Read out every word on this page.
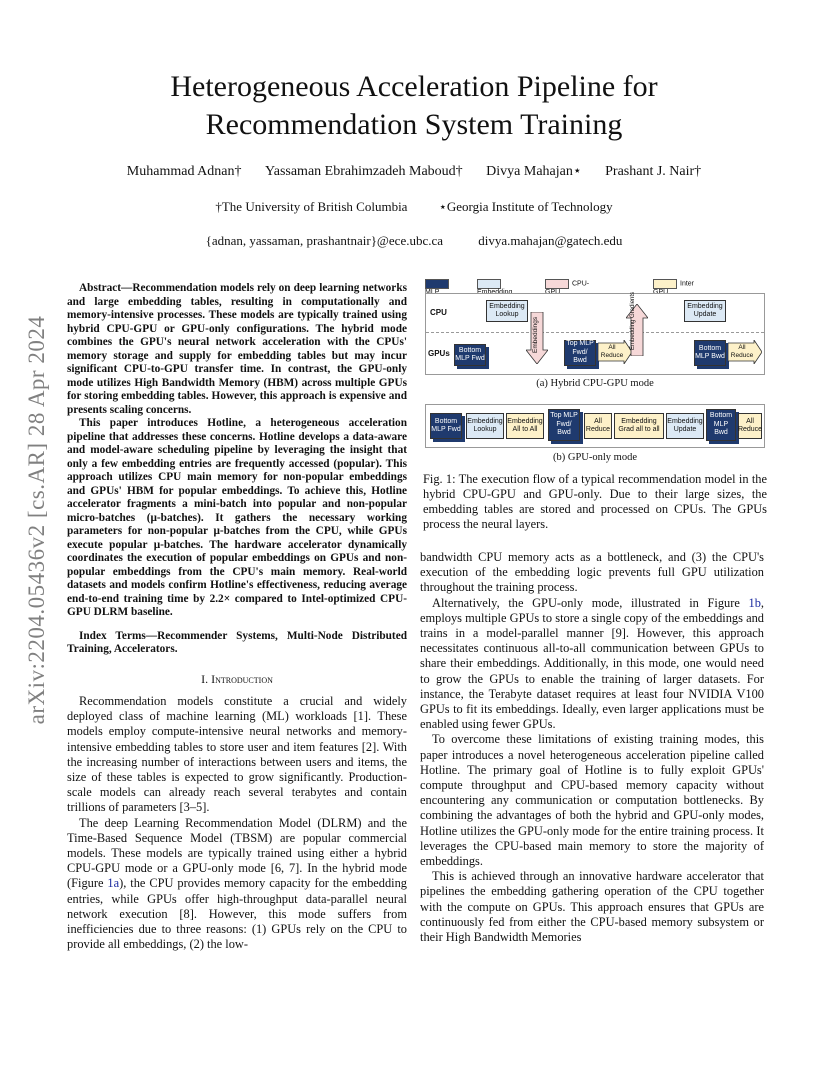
Heterogeneous Acceleration Pipeline for
Recommendation System Training
Muhammad Adnan† Yassaman Ebrahimzadeh Maboud† Divya Mahajan⋆ Prashant J. Nair†
†The University of British Columbia ⋆Georgia Institute of Technology
{adnan, yassaman, prashantnair}@ece.ubc.ca	divya.mahajan@gatech.edu
arXiv:2204.05436v2 [cs.AR] 28 Apr 2024

Abstract—Recommendation models rely on deep learning networks and large embedding tables, resulting in computationally and memory-intensive processes. These models are typically trained using hybrid CPU-GPU or GPU-only configurations. The hybrid mode combines the GPU's neural network acceleration with the CPUs' memory storage and supply for embedding tables but may incur significant CPU-to-GPU transfer time. In contrast, the GPU-only mode utilizes High Bandwidth Memory (HBM) across multiple GPUs for storing embedding tables. However, this approach is expensive and presents scaling concerns.

This paper introduces Hotline, a heterogeneous acceleration pipeline that addresses these concerns. Hotline develops a data-aware and model-aware scheduling pipeline by leveraging the insight that only a few embedding entries are frequently accessed (popular). This approach utilizes CPU main memory for non-popular embeddings and GPUs' HBM for popular embeddings. To achieve this, Hotline accelerator fragments a mini-batch into popular and non-popular micro-batches (μ-batches). It gathers the necessary working parameters for non-popular μ-batches from the CPU, while GPUs execute popular μ-batches. The hardware accelerator dynamically coordinates the execution of popular embeddings on GPUs and non-popular embeddings from the CPU's main memory. Real-world datasets and models confirm Hotline's effectiveness, reducing average end-to-end training time by 2.2× compared to Intel-optimized CPU-GPU DLRM baseline.

Index Terms—Recommender Systems, Multi-Node Distributed Training, Accelerators.

I. Introduction

Recommendation models constitute a crucial and widely deployed class of machine learning (ML) workloads [1]. These models employ compute-intensive neural networks and memory-intensive embedding tables to store user and item features [2]. With the increasing number of interactions between users and items, the size of these tables is expected to grow significantly. Production-scale models can already reach several terabytes and contain trillions of parameters [3–5].

The deep Learning Recommendation Model (DLRM) and the Time-Based Sequence Model (TBSM) are popular commercial models. These models are typically trained using either a hybrid CPU-GPU mode or a GPU-only mode [6, 7]. In the hybrid mode (Figure 1a), the CPU provides memory capacity for the embedding entries, while GPUs offer high-throughput data-parallel neural network execution [8]. However, this mode suffers from inefficiencies due to three reasons: (1) GPUs rely on the CPU to provide all embeddings, (2) the low-

CPU-	Inter
CPU
GPUs
Embedding Lookup
Embedding Update
Bottom MLP Fwd
Embeddings	Top MLP Fwd/ Bwd
All Reduce
Embedding Gradients	Bottom MLP Bwd
All Reduce
(a) Hybrid CPU-GPU mode
Bottom MLP Fwd
Embedding Lookup
Embedding All to All
Top MLP Fwd/ Bwd
All Reduce
Embedding Grad all to all
Embedding Update
Bottom MLP Bwd
All Reduce
(b) GPU-only mode
Fig. 1: The execution flow of a typical recommendation model in the hybrid CPU-GPU and GPU-only. Due to their large sizes, the embedding tables are stored and processed on CPUs. The GPUs process the neural layers.

bandwidth CPU memory acts as a bottleneck, and (3) the CPU's execution of the embedding logic prevents full GPU utilization throughout the training process.

Alternatively, the GPU-only mode, illustrated in Figure 1b, employs multiple GPUs to store a single copy of the embeddings and trains in a model-parallel manner [9]. However, this approach necessitates continuous all-to-all communication between GPUs to share their embeddings. Additionally, in this mode, one would need to grow the GPUs to enable the training of larger datasets. For instance, the Terabyte dataset requires at least four NVIDIA V100 GPUs to fit its embeddings. Ideally, even larger applications must be enabled using fewer GPUs.

To overcome these limitations of existing training modes, this paper introduces a novel heterogeneous acceleration pipeline called Hotline. The primary goal of Hotline is to fully exploit GPUs' compute throughput and CPU-based memory capacity without encountering any communication or computation bottlenecks. By combining the advantages of both the hybrid and GPU-only modes, Hotline utilizes the GPU-only mode for the entire training process. It leverages the CPU-based main memory to store the majority of embeddings.

This is achieved through an innovative hardware accelerator that pipelines the embedding gathering operation of the CPU together with the compute on GPUs. This approach ensures that GPUs are continuously fed from either the CPU-based memory subsystem or their High Bandwidth Memories
